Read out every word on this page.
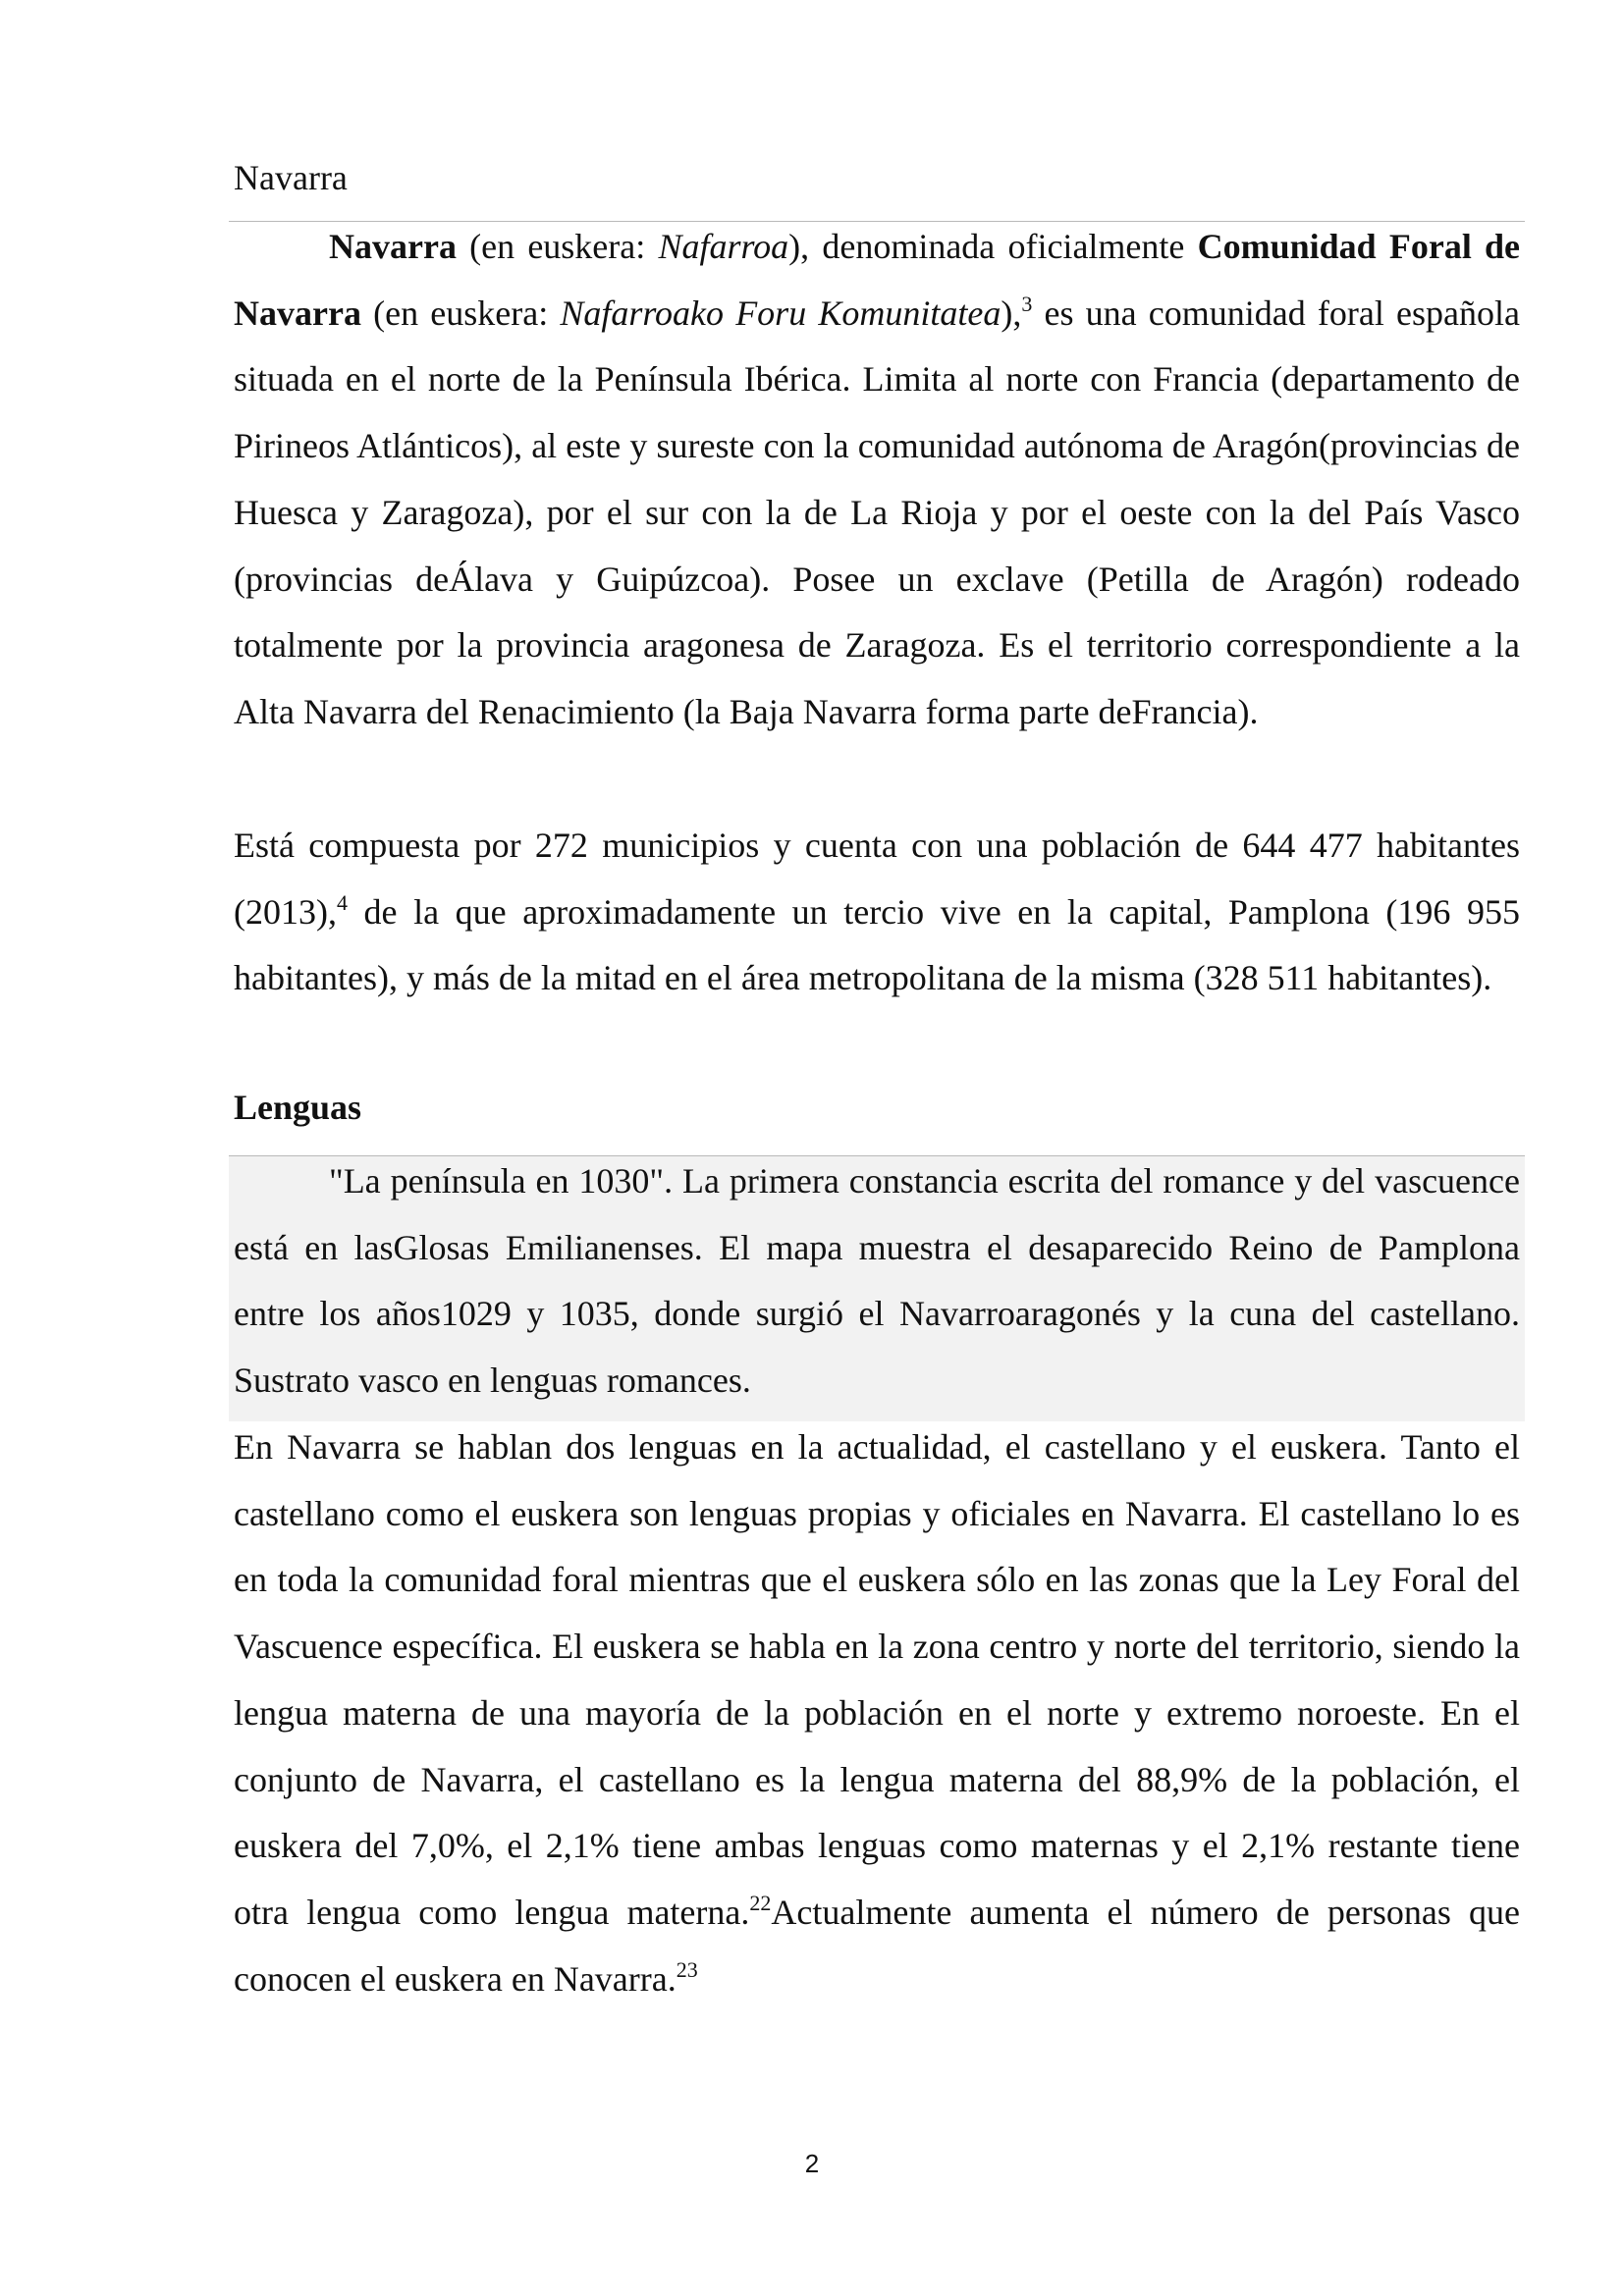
Navarra
Navarra (en euskera: Nafarroa), denominada oficialmente Comunidad Foral de Navarra (en euskera: Nafarroako Foru Komunitatea),$^3$ es una comunidad foral española situada en el norte de la Península Ibérica. Limita al norte con Francia (departamento de Pirineos Atlánticos), al este y sureste con la comunidad autónoma de Aragón(provincias de Huesca y Zaragoza), por el sur con la de La Rioja y por el oeste con la del País Vasco (provincias deÁlava y Guipúzcoa). Posee un exclave (Petilla de Aragón) rodeado totalmente por la provincia aragonesa de Zaragoza. Es el territorio correspondiente a la Alta Navarra del Renacimiento (la Baja Navarra forma parte deFrancia).
Está compuesta por 272 municipios y cuenta con una población de 644 477 habitantes (2013),$^4$ de la que aproximadamente un tercio vive en la capital, Pamplona (196 955 habitantes), y más de la mitad en el área metropolitana de la misma (328 511 habitantes).
Lenguas
"La península en 1030". La primera constancia escrita del romance y del vascuence está en lasGlosas Emilianenses. El mapa muestra el desaparecido Reino de Pamplona entre los años1029 y 1035, donde surgió el Navarroaragonés y la cuna del castellano. Sustrato vasco en lenguas romances.
En Navarra se hablan dos lenguas en la actualidad, el castellano y el euskera. Tanto el castellano como el euskera son lenguas propias y oficiales en Navarra. El castellano lo es en toda la comunidad foral mientras que el euskera sólo en las zonas que la Ley Foral del Vascuence específica. El euskera se habla en la zona centro y norte del territorio, siendo la lengua materna de una mayoría de la población en el norte y extremo noroeste. En el conjunto de Navarra, el castellano es la lengua materna del 88,9% de la población, el euskera del 7,0%, el 2,1% tiene ambas lenguas como maternas y el 2,1% restante tiene otra lengua como lengua materna.$^{22}$Actualmente aumenta el número de personas que conocen el euskera en Navarra.$^{23}$
2
